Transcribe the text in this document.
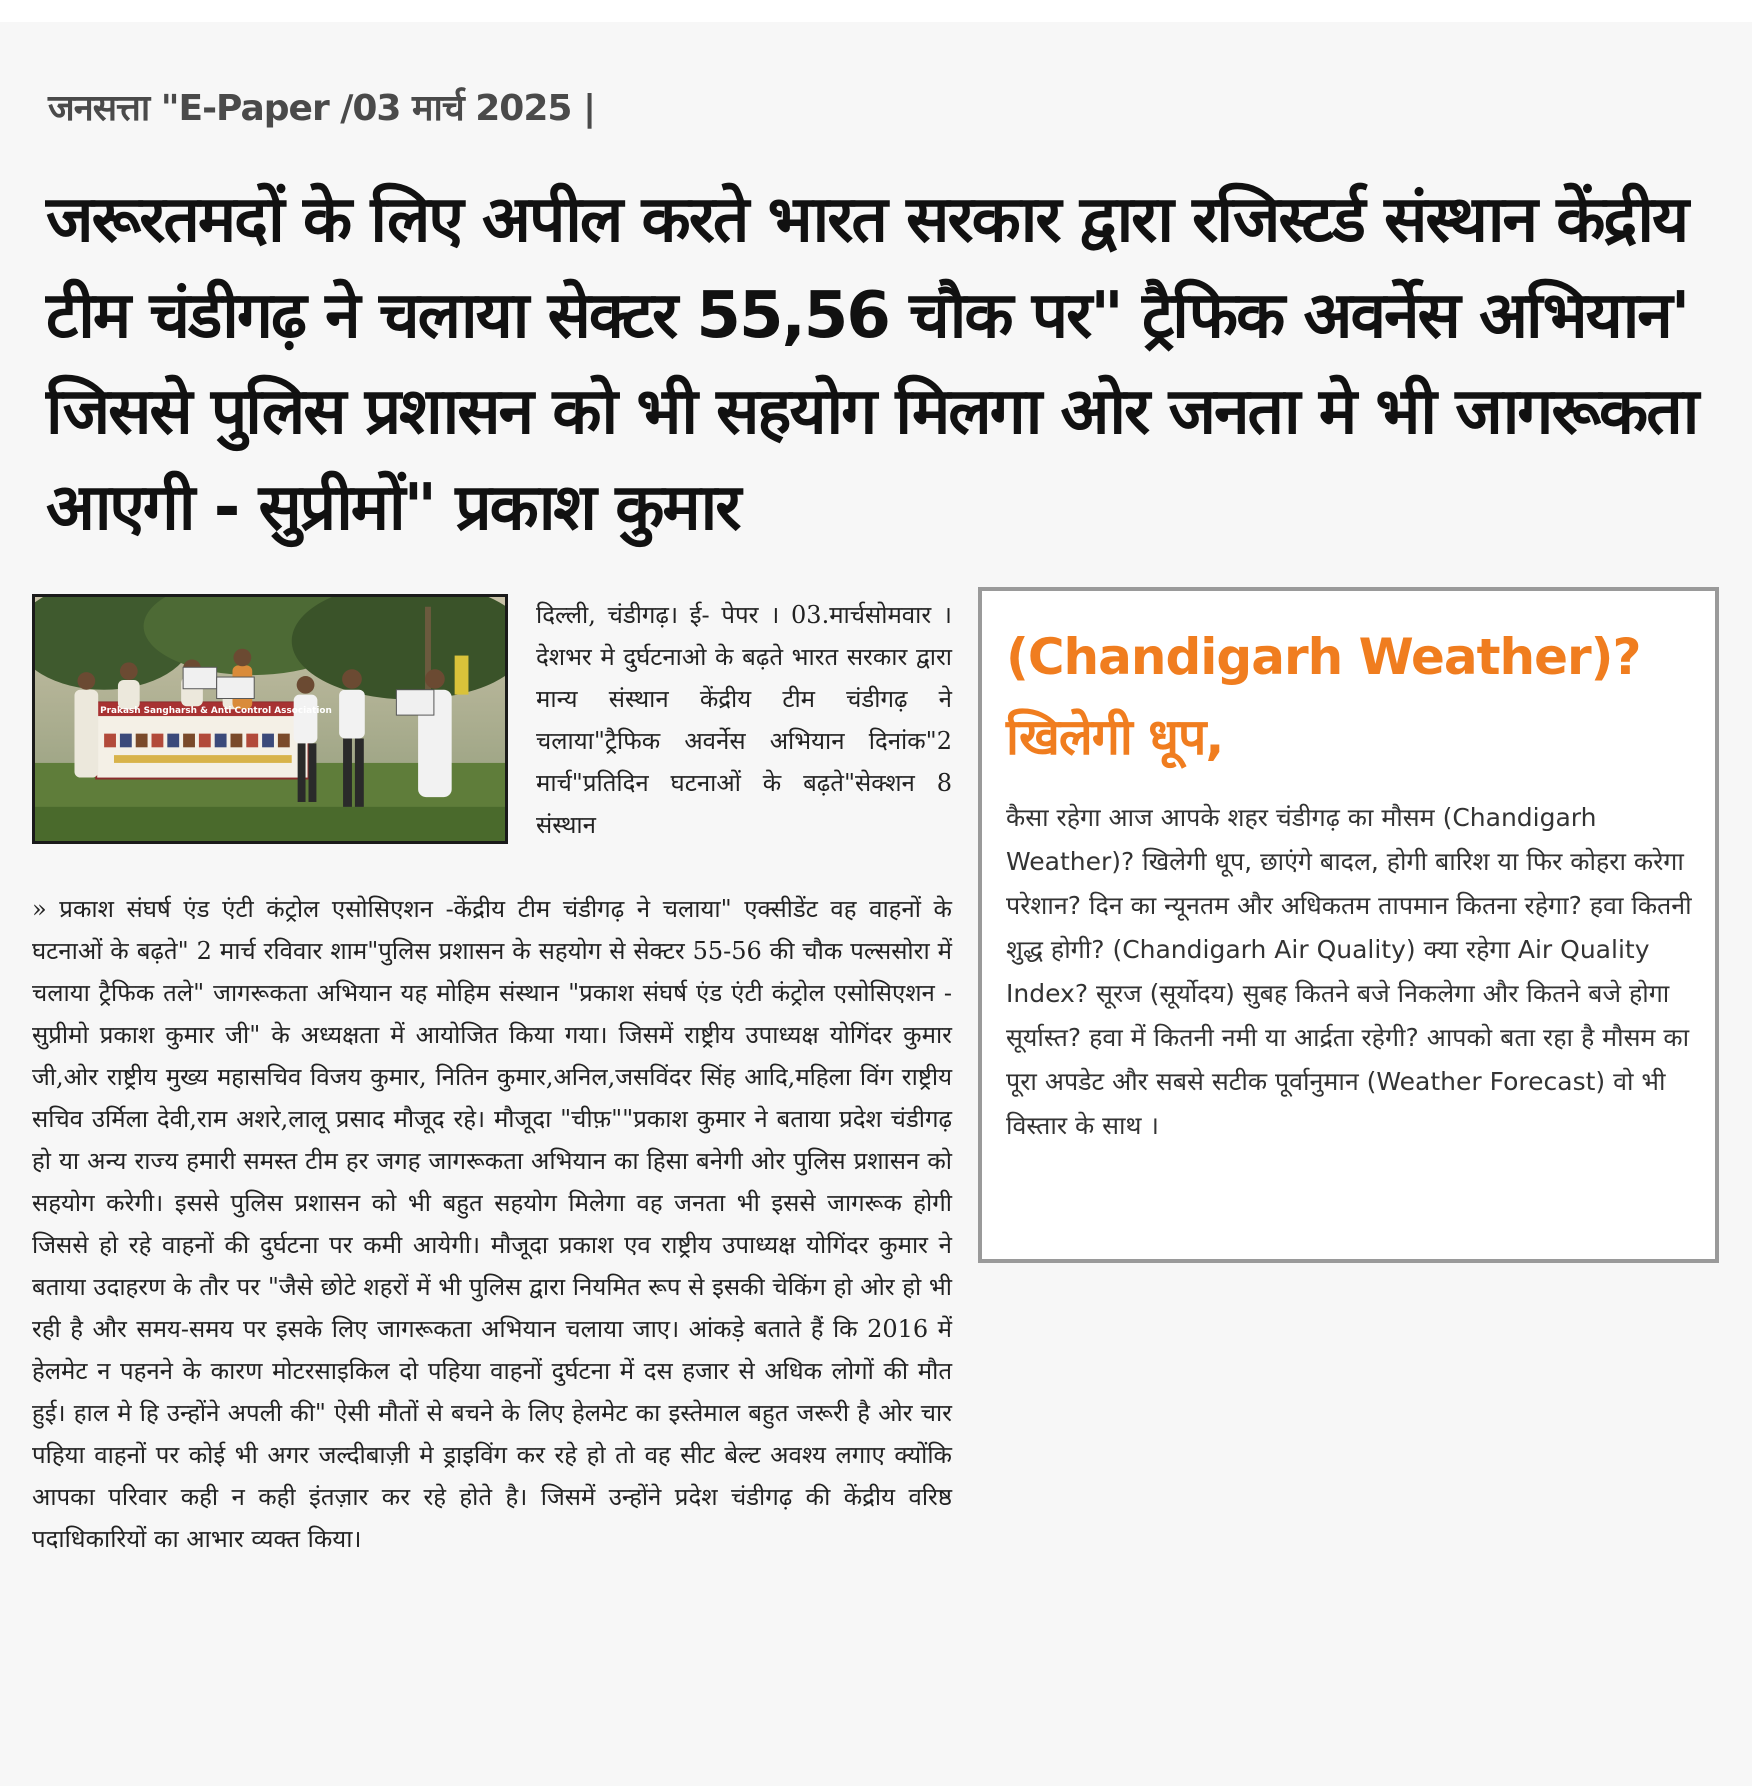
जनसत्ता "E-Paper /03 मार्च 2025 |
जरूरतमदों के लिए अपील करते भारत सरकार द्वारा रजिस्टर्ड संस्थान केंद्रीय टीम चंडीगढ़ ने चलाया सेक्टर 55,56 चौक पर" ट्रैफिक अवर्नेस अभियान' जिससे पुलिस प्रशासन को भी सहयोग मिलगा ओर जनता मे भी जागरूकता आएगी - सुप्रीमों" प्रकाश कुमार
Prakash Sangharsh & Anti Control Association

दिल्ली, चंडीगढ़। ई- पेपर । 03.मार्चसोमवार । देशभर मे दुर्घटनाओ के बढ़ते भारत सरकार द्वारा मान्य संस्थान केंद्रीय टीम चंडीगढ़ ने चलाया"ट्रैफिक अवर्नेस अभियान दिनांक"2 मार्च"प्रतिदिन घटनाओं के बढ़ते"सेक्शन 8 संस्थान

» प्रकाश संघर्ष एंड एंटी कंट्रोल एसोसिएशन -केंद्रीय टीम चंडीगढ़ ने चलाया" एक्सीडेंट वह वाहनों के घटनाओं के बढ़ते" 2 मार्च रविवार शाम"पुलिस प्रशासन के सहयोग से सेक्टर 55-56 की चौक पल्ससोरा में चलाया ट्रैफिक तले" जागरूकता अभियान यह मोहिम संस्थान "प्रकाश संघर्ष एंड एंटी कंट्रोल एसोसिएशन - सुप्रीमो प्रकाश कुमार जी" के अध्यक्षता में आयोजित किया गया। जिसमें राष्ट्रीय उपाध्यक्ष योगिंदर कुमार जी,ओर राष्ट्रीय मुख्य महासचिव विजय कुमार, नितिन कुमार,अनिल,जसविंदर सिंह आदि,महिला विंग राष्ट्रीय सचिव उर्मिला देवी,राम अशरे,लालू प्रसाद मौजूद रहे। मौजूदा "चीफ़""प्रकाश कुमार ने बताया प्रदेश चंडीगढ़ हो या अन्य राज्य हमारी समस्त टीम हर जगह जागरूकता अभियान का हिसा बनेगी ओर पुलिस प्रशासन को सहयोग करेगी। इससे पुलिस प्रशासन को भी बहुत सहयोग मिलेगा वह जनता भी इससे जागरूक होगी जिससे हो रहे वाहनों की दुर्घटना पर कमी आयेगी। मौजूदा प्रकाश एव राष्ट्रीय उपाध्यक्ष योगिंदर कुमार ने बताया उदाहरण के तौर पर "जैसे छोटे शहरों में भी पुलिस द्वारा नियमित रूप से इसकी चेकिंग हो ओर हो भी रही है और समय-समय पर इसके लिए जागरूकता अभियान चलाया जाए। आंकड़े बताते हैं कि 2016 में हेलमेट न पहनने के कारण मोटरसाइकिल दो पहिया वाहनों दुर्घटना में दस हजार से अधिक लोगों की मौत हुई। हाल मे हि उन्होंने अपली की" ऐसी मौतों से बचने के लिए हेलमेट का इस्तेमाल बहुत जरूरी है ओर चार पहिया वाहनों पर कोई भी अगर जल्दीबाज़ी मे ड्राइविंग कर रहे हो तो वह सीट बेल्ट अवश्य लगाए क्योंकि आपका परिवार कही न कही इंतज़ार कर रहे होते है। जिसमें उन्होंने प्रदेश चंडीगढ़ की केंद्रीय वरिष्ठ पदाधिकारियों का आभार व्यक्त किया।

(Chandigarh Weather)? खिलेगी धूप,

कैसा रहेगा आज आपके शहर चंडीगढ़ का मौसम (Chandigarh Weather)? खिलेगी धूप, छाएंगे बादल, होगी बारिश या फिर कोहरा करेगा परेशान? दिन का न्यूनतम और अधिकतम तापमान कितना रहेगा? हवा कितनी शुद्ध होगी? (Chandigarh Air Quality) क्या रहेगा Air Quality Index? सूरज (सूर्योदय) सुबह कितने बजे निकलेगा और कितने बजे होगा सूर्यास्त? हवा में कितनी नमी या आर्द्रता रहेगी? आपको बता रहा है मौसम का पूरा अपडेट और सबसे सटीक पूर्वानुमान (Weather Forecast) वो भी विस्तार के साथ ।
